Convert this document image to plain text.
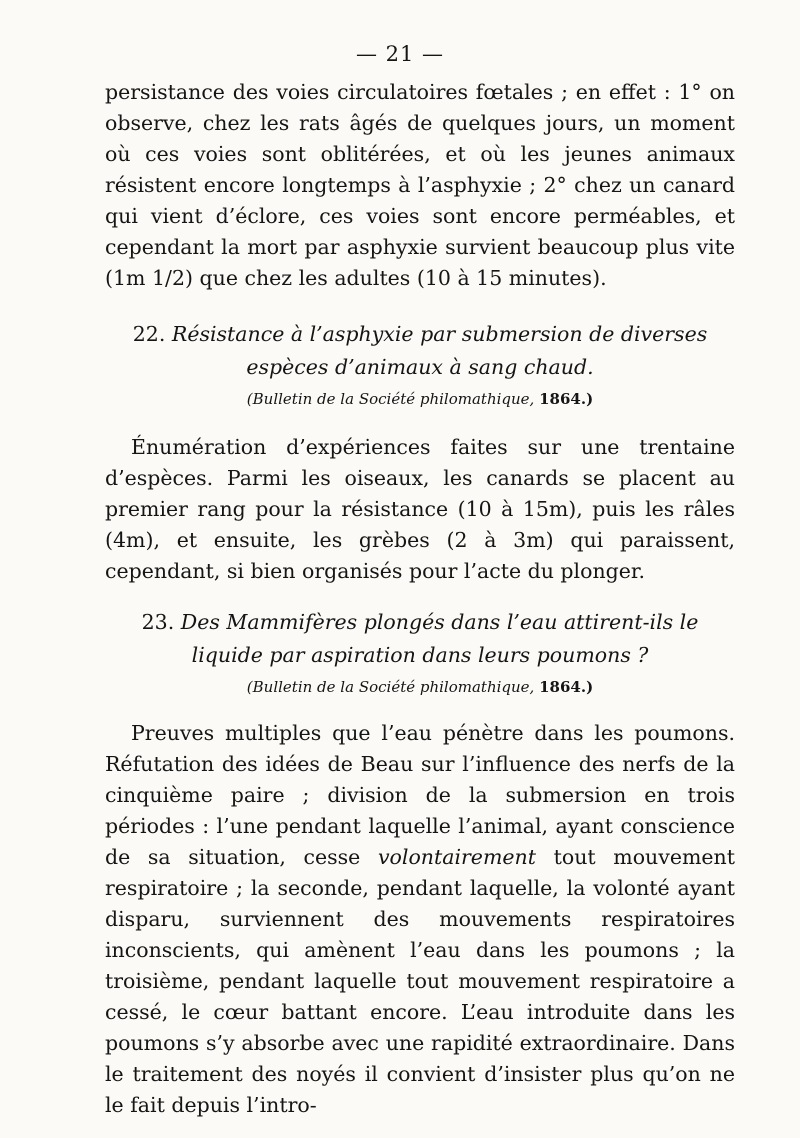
— 21 —

persistance des voies circulatoires fœtales ; en effet : 1° on observe, chez les rats âgés de quelques jours, un moment où ces voies sont oblitérées, et où les jeunes animaux résistent encore longtemps à l’asphyxie ; 2° chez un canard qui vient d’éclore, ces voies sont encore perméables, et cependant la mort par asphyxie survient beaucoup plus vite (1m 1/2) que chez les adultes (10 à 15 minutes).

22. Résistance à l’asphyxie par submersion de diverses espèces d’animaux à sang chaud.
(Bulletin de la Société philomathique, 1864.)

Énumération d’expériences faites sur une trentaine d’espèces. Parmi les oiseaux, les canards se placent au premier rang pour la résistance (10 à 15m), puis les râles (4m), et ensuite, les grèbes (2 à 3m) qui paraissent, cependant, si bien organisés pour l’acte du plonger.

23. Des Mammifères plongés dans l’eau attirent-ils le liquide par aspiration dans leurs poumons ?
(Bulletin de la Société philomathique, 1864.)

Preuves multiples que l’eau pénètre dans les poumons. Réfutation des idées de Beau sur l’influence des nerfs de la cinquième paire ; division de la submersion en trois périodes : l’une pendant laquelle l’animal, ayant conscience de sa situation, cesse volontairement tout mouvement respiratoire ; la seconde, pendant laquelle, la volonté ayant disparu, surviennent des mouvements respiratoires inconscients, qui amènent l’eau dans les poumons ; la troisième, pendant laquelle tout mouvement respiratoire a cessé, le cœur battant encore. L’eau introduite dans les poumons s’y absorbe avec une rapidité extraordinaire. Dans le traitement des noyés il convient d’insister plus qu’on ne le fait depuis l’intro-
